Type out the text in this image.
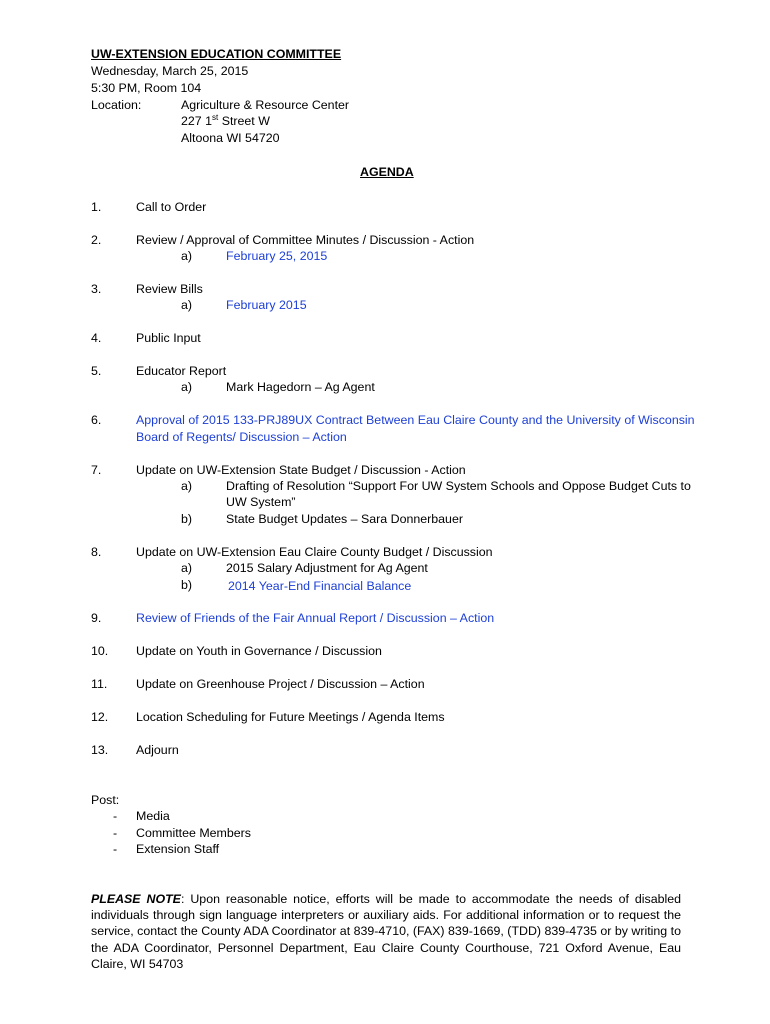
UW-EXTENSION EDUCATION COMMITTEE
Wednesday, March 25, 2015
5:30 PM, Room 104
Location:	Agriculture & Resource Center
227 1st Street W
Altoona WI 54720
AGENDA
1.	Call to Order
2.	Review / Approval of Committee Minutes / Discussion - Action
a)	February 25, 2015
3.	Review Bills
a)	February 2015
4.	Public Input
5.	Educator Report
a)	Mark Hagedorn – Ag Agent
6.	Approval of 2015 133-PRJ89UX Contract Between Eau Claire County and the University of Wisconsin
Board of Regents/ Discussion – Action
7.	Update on UW-Extension State Budget / Discussion - Action
a)	Drafting of Resolution “Support For UW System Schools and Oppose Budget Cuts to
UW System”
b)	State Budget Updates – Sara Donnerbauer
8.	Update on UW-Extension Eau Claire County Budget / Discussion
a)	2015 Salary Adjustment for Ag Agent
b)	2014 Year-End Financial Balance
9.	Review of Friends of the Fair Annual Report / Discussion – Action
10. Update on Youth in Governance / Discussion
11. Update on Greenhouse Project / Discussion – Action
12. Location Scheduling for Future Meetings / Agenda Items
13. Adjourn
Post:
- Media
- Committee Members
- Extension Staff
PLEASE NOTE: Upon reasonable notice, efforts will be made to accommodate the needs of disabled individuals through sign language interpreters or auxiliary aids. For additional information or to request the service, contact the County ADA Coordinator at 839-4710, (FAX) 839-1669, (TDD) 839-4735 or by writing to the ADA Coordinator, Personnel Department, Eau Claire County Courthouse, 721 Oxford Avenue, Eau Claire, WI 54703
